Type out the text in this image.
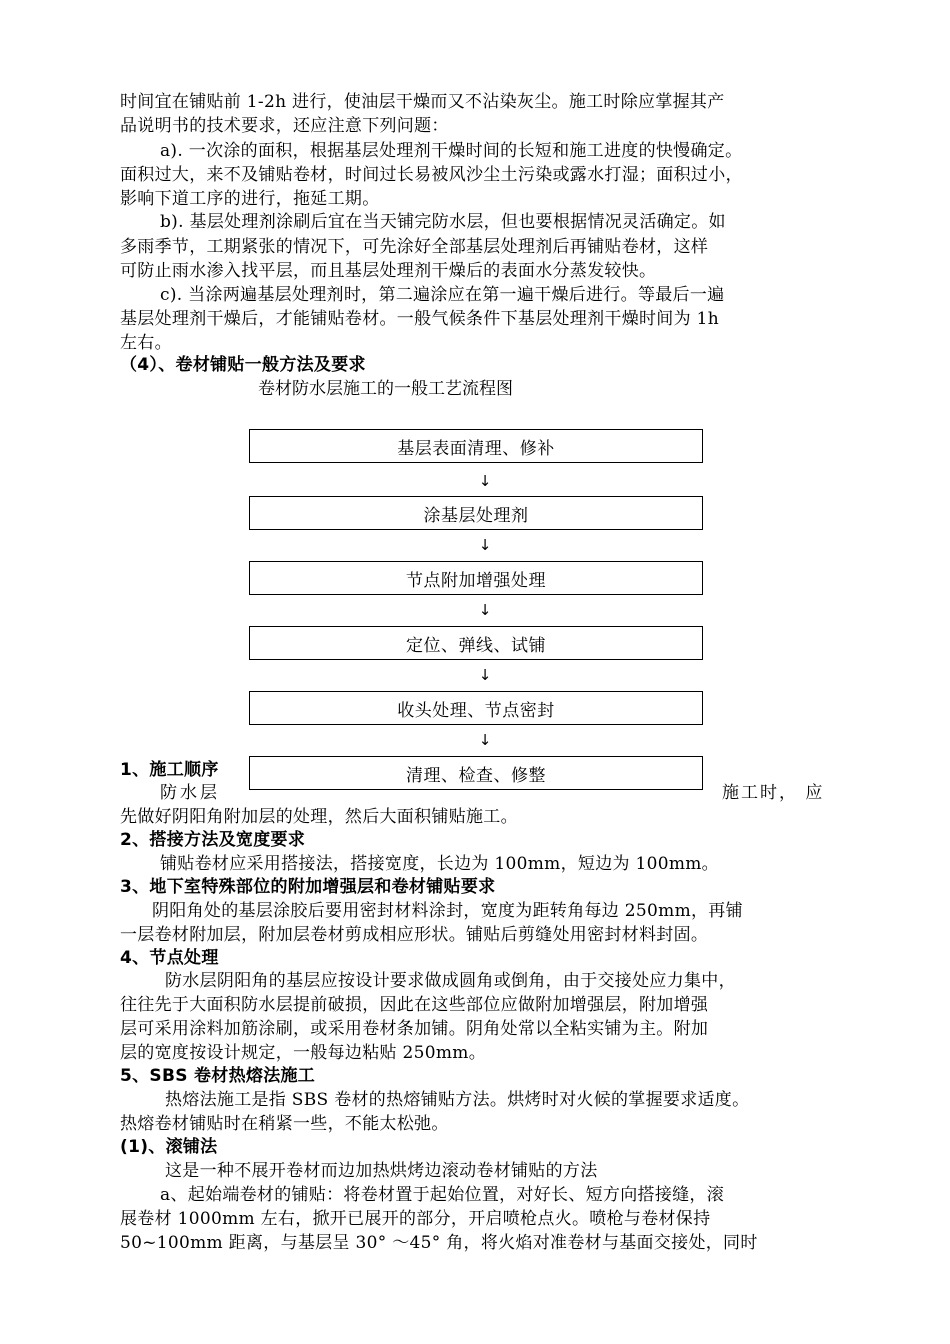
时间宜在铺贴前 1-2h 进行，使油层干燥而又不沾染灰尘。施工时除应掌握其产
品说明书的技术要求，还应注意下列问题：
a). 一次涂的面积，根据基层处理剂干燥时间的长短和施工进度的快慢确定。
面积过大，来不及铺贴卷材，时间过长易被风沙尘土污染或露水打湿；面积过小，
影响下道工序的进行，拖延工期。
b). 基层处理剂涂刷后宜在当天铺完防水层，但也要根据情况灵活确定。如
多雨季节，工期紧张的情况下，可先涂好全部基层处理剂后再铺贴卷材，这样
可防止雨水渗入找平层，而且基层处理剂干燥后的表面水分蒸发较快。
c). 当涂两遍基层处理剂时，第二遍涂应在第一遍干燥后进行。等最后一遍
基层处理剂干燥后，才能铺贴卷材。一般气候条件下基层处理剂干燥时间为 1h
左右。
（4）、卷材铺贴一般方法及要求
卷材防水层施工的一般工艺流程图
基层表面清理、修补
↓
涂基层处理剂
↓
节点附加增强处理
↓
定位、弹线、试铺
↓
收头处理、节点密封
↓
清理、检查、修整
1、施工顺序
防水层	施工时， 应
先做好阴阳角附加层的处理，然后大面积铺贴施工。
2、搭接方法及宽度要求
铺贴卷材应采用搭接法，搭接宽度，长边为 100mm，短边为 100mm。
3、地下室特殊部位的附加增强层和卷材铺贴要求
阴阳角处的基层涂胶后要用密封材料涂封，宽度为距转角每边 250mm，再铺
一层卷材附加层，附加层卷材剪成相应形状。铺贴后剪缝处用密封材料封固。
4、节点处理
防水层阴阳角的基层应按设计要求做成圆角或倒角，由于交接处应力集中，
往往先于大面积防水层提前破损，因此在这些部位应做附加增强层，附加增强
层可采用涂料加筋涂刷，或采用卷材条加铺。阴角处常以全粘实铺为主。附加
层的宽度按设计规定，一般每边粘贴 250mm。
5、SBS 卷材热熔法施工
热熔法施工是指 SBS 卷材的热熔铺贴方法。烘烤时对火候的掌握要求适度。
热熔卷材铺贴时在稍紧一些，不能太松弛。
(1)、滚铺法
这是一种不展开卷材而边加热烘烤边滚动卷材铺贴的方法
a、起始端卷材的铺贴：将卷材置于起始位置，对好长、短方向搭接缝，滚
展卷材 1000mm 左右，掀开已展开的部分，开启喷枪点火。喷枪与卷材保持
50~100mm 距离，与基层呈 30° ～45° 角，将火焰对准卷材与基面交接处，同时
